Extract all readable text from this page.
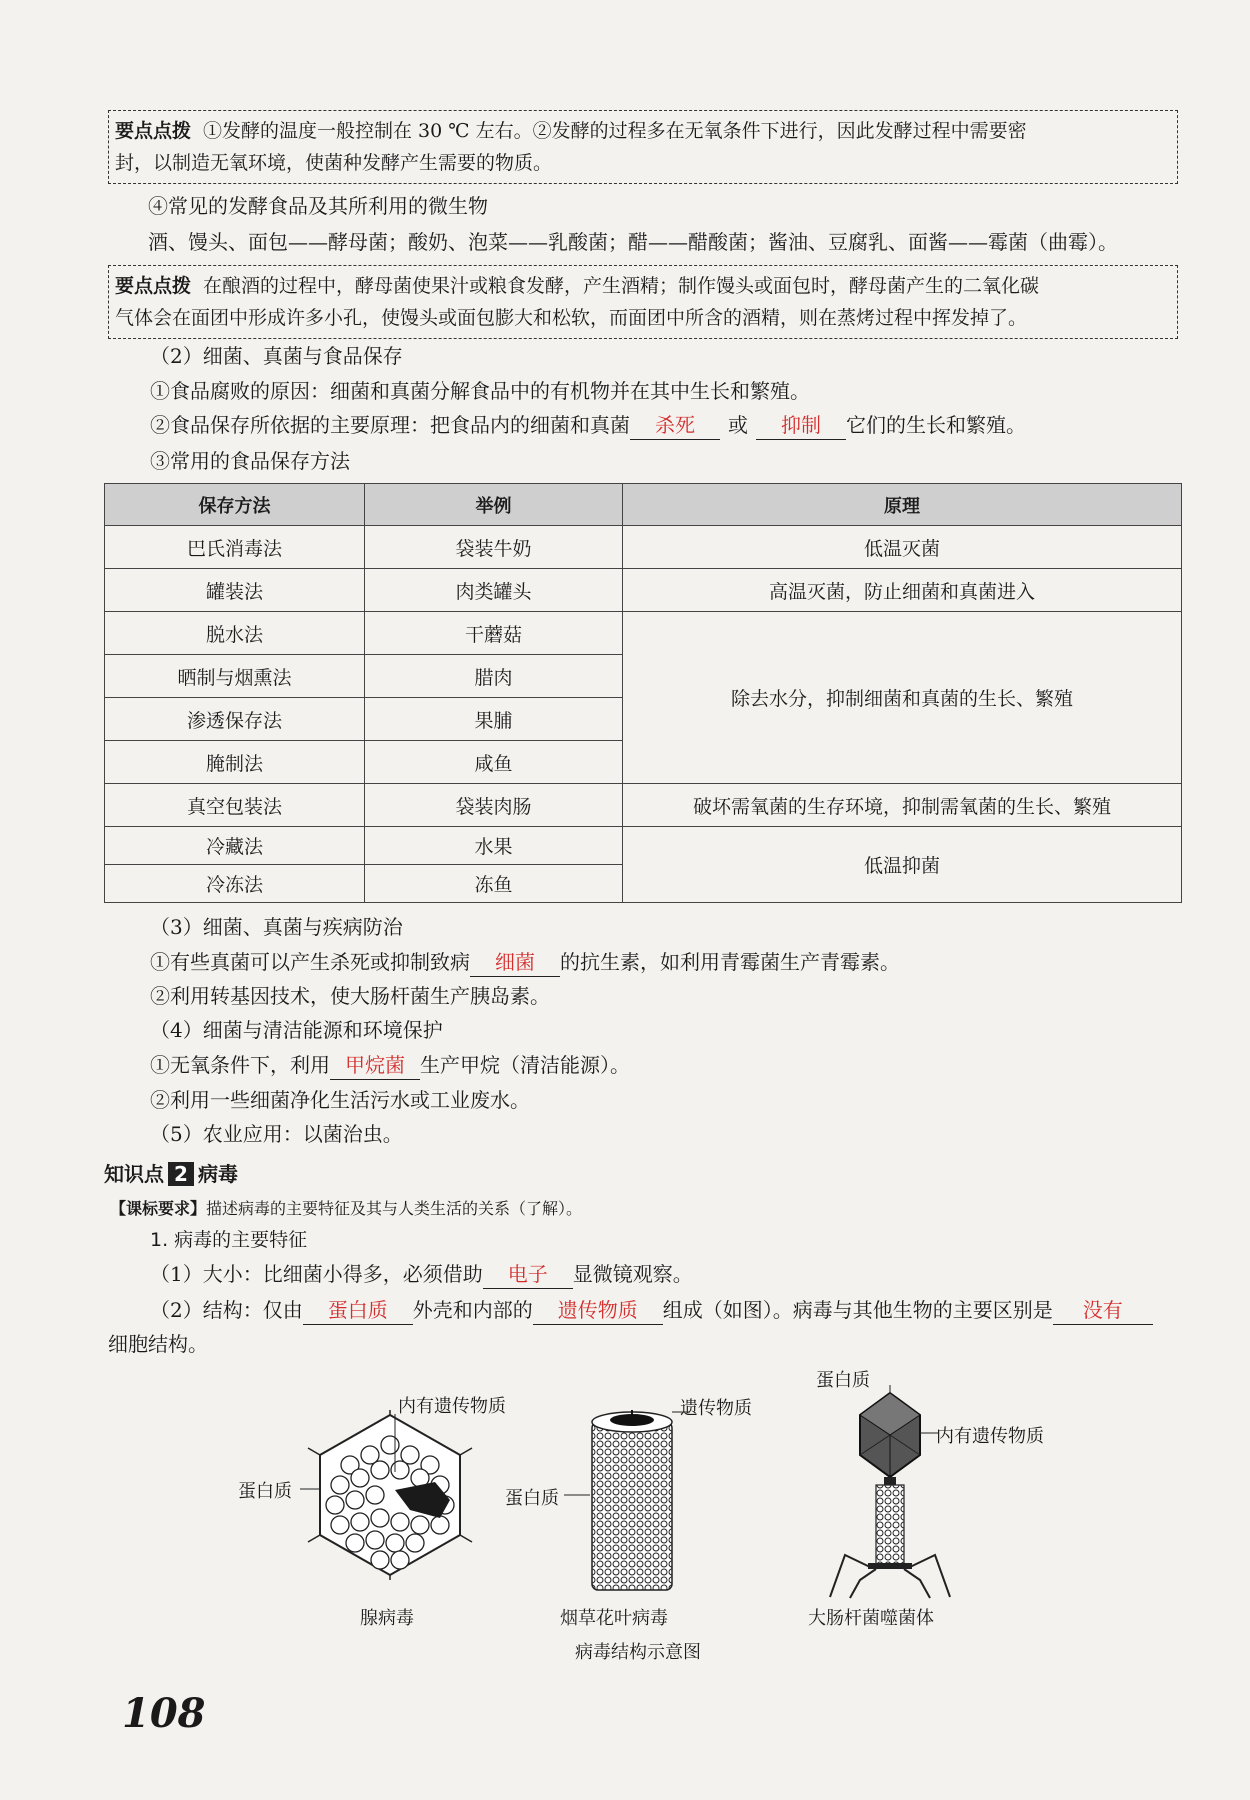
要点点拨 ①发酵的温度一般控制在 30 ℃ 左右。②发酵的过程多在无氧条件下进行，因此发酵过程中需要密
封，以制造无氧环境，使菌种发酵产生需要的物质。
④常见的发酵食品及其所利用的微生物
酒、馒头、面包——酵母菌；酸奶、泡菜——乳酸菌；醋——醋酸菌；酱油、豆腐乳、面酱——霉菌（曲霉）。
要点点拨 在酿酒的过程中，酵母菌使果汁或粮食发酵，产生酒精；制作馒头或面包时，酵母菌产生的二氧化碳
气体会在面团中形成许多小孔，使馒头或面包膨大和松软，而面团中所含的酒精，则在蒸烤过程中挥发掉了。
（2）细菌、真菌与食品保存
①食品腐败的原因：细菌和真菌分解食品中的有机物并在其中生长和繁殖。
②食品保存所依据的主要原理：把食品内的细菌和真菌 杀死 或 抑制 它们的生长和繁殖。
③常用的食品保存方法
保存方法	举例	原理
巴氏消毒法	袋装牛奶	低温灭菌
罐装法	肉类罐头	高温灭菌，防止细菌和真菌进入
脱水法	干蘑菇	除去水分，抑制细菌和真菌的生长、繁殖
晒制与烟熏法	腊肉	
渗透保存法	果脯	
腌制法	咸鱼	
真空包装法	袋装肉肠	破坏需氧菌的生存环境，抑制需氧菌的生长、繁殖
冷藏法	水果	低温抑菌
冷冻法	冻鱼	
（3）细菌、真菌与疾病防治
①有些真菌可以产生杀死或抑制致病 细菌 的抗生素，如利用青霉菌生产青霉素。
②利用转基因技术，使大肠杆菌生产胰岛素。
（4）细菌与清洁能源和环境保护
①无氧条件下，利用 甲烷菌 生产甲烷（清洁能源）。
②利用一些细菌净化生活污水或工业废水。
（5）农业应用：以菌治虫。
知识点 2 病毒
【课标要求】描述病毒的主要特征及其与人类生活的关系（了解）。
1. 病毒的主要特征
（1）大小：比细菌小得多，必须借助 电子 显微镜观察。
（2）结构：仅由 蛋白质 外壳和内部的 遗传物质 组成（如图）。病毒与其他生物的主要区别是 没有
细胞结构。
内有遗传物质
蛋白质
腺病毒
遗传物质
蛋白质
烟草花叶病毒
蛋白质
内有遗传物质
大肠杆菌噬菌体
病毒结构示意图
108
